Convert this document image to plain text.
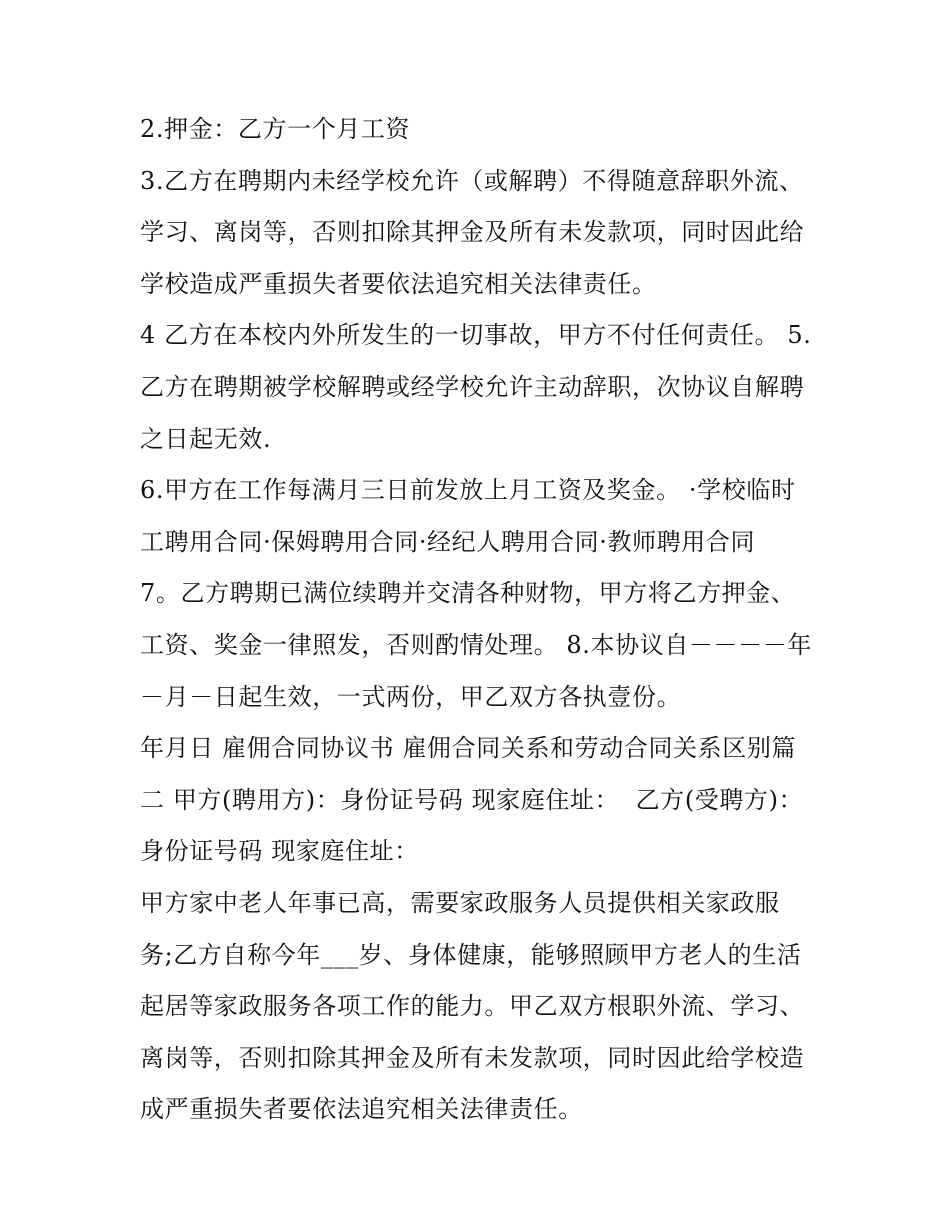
2.押金：乙方一个月工资
3.乙方在聘期内未经学校允许（或解聘）不得随意辞职外流、
学习、离岗等，否则扣除其押金及所有未发款项，同时因此给
学校造成严重损失者要依法追究相关法律责任。
4 乙方在本校内外所发生的一切事故，甲方不付任何责任。 5.
乙方在聘期被学校解聘或经学校允许主动辞职，次协议自解聘
之日起无效.
6.甲方在工作每满月三日前发放上月工资及奖金。 ·学校临时
工聘用合同·保姆聘用合同·经纪人聘用合同·教师聘用合同
7。乙方聘期已满位续聘并交清各种财物，甲方将乙方押金、
工资、奖金一律照发，否则酌情处理。 8.本协议自－－－－年
－月－日起生效，一式两份，甲乙双方各执壹份。
年月日 雇佣合同协议书 雇佣合同关系和劳动合同关系区别篇
二 甲方(聘用方)：身份证号码 现家庭住址：  乙方(受聘方)：
身份证号码 现家庭住址：
甲方家中老人年事已高，需要家政服务人员提供相关家政服
务;乙方自称今年___岁、身体健康，能够照顾甲方老人的生活
起居等家政服务各项工作的能力。甲乙双方根职外流、学习、
离岗等，否则扣除其押金及所有未发款项，同时因此给学校造
成严重损失者要依法追究相关法律责任。
